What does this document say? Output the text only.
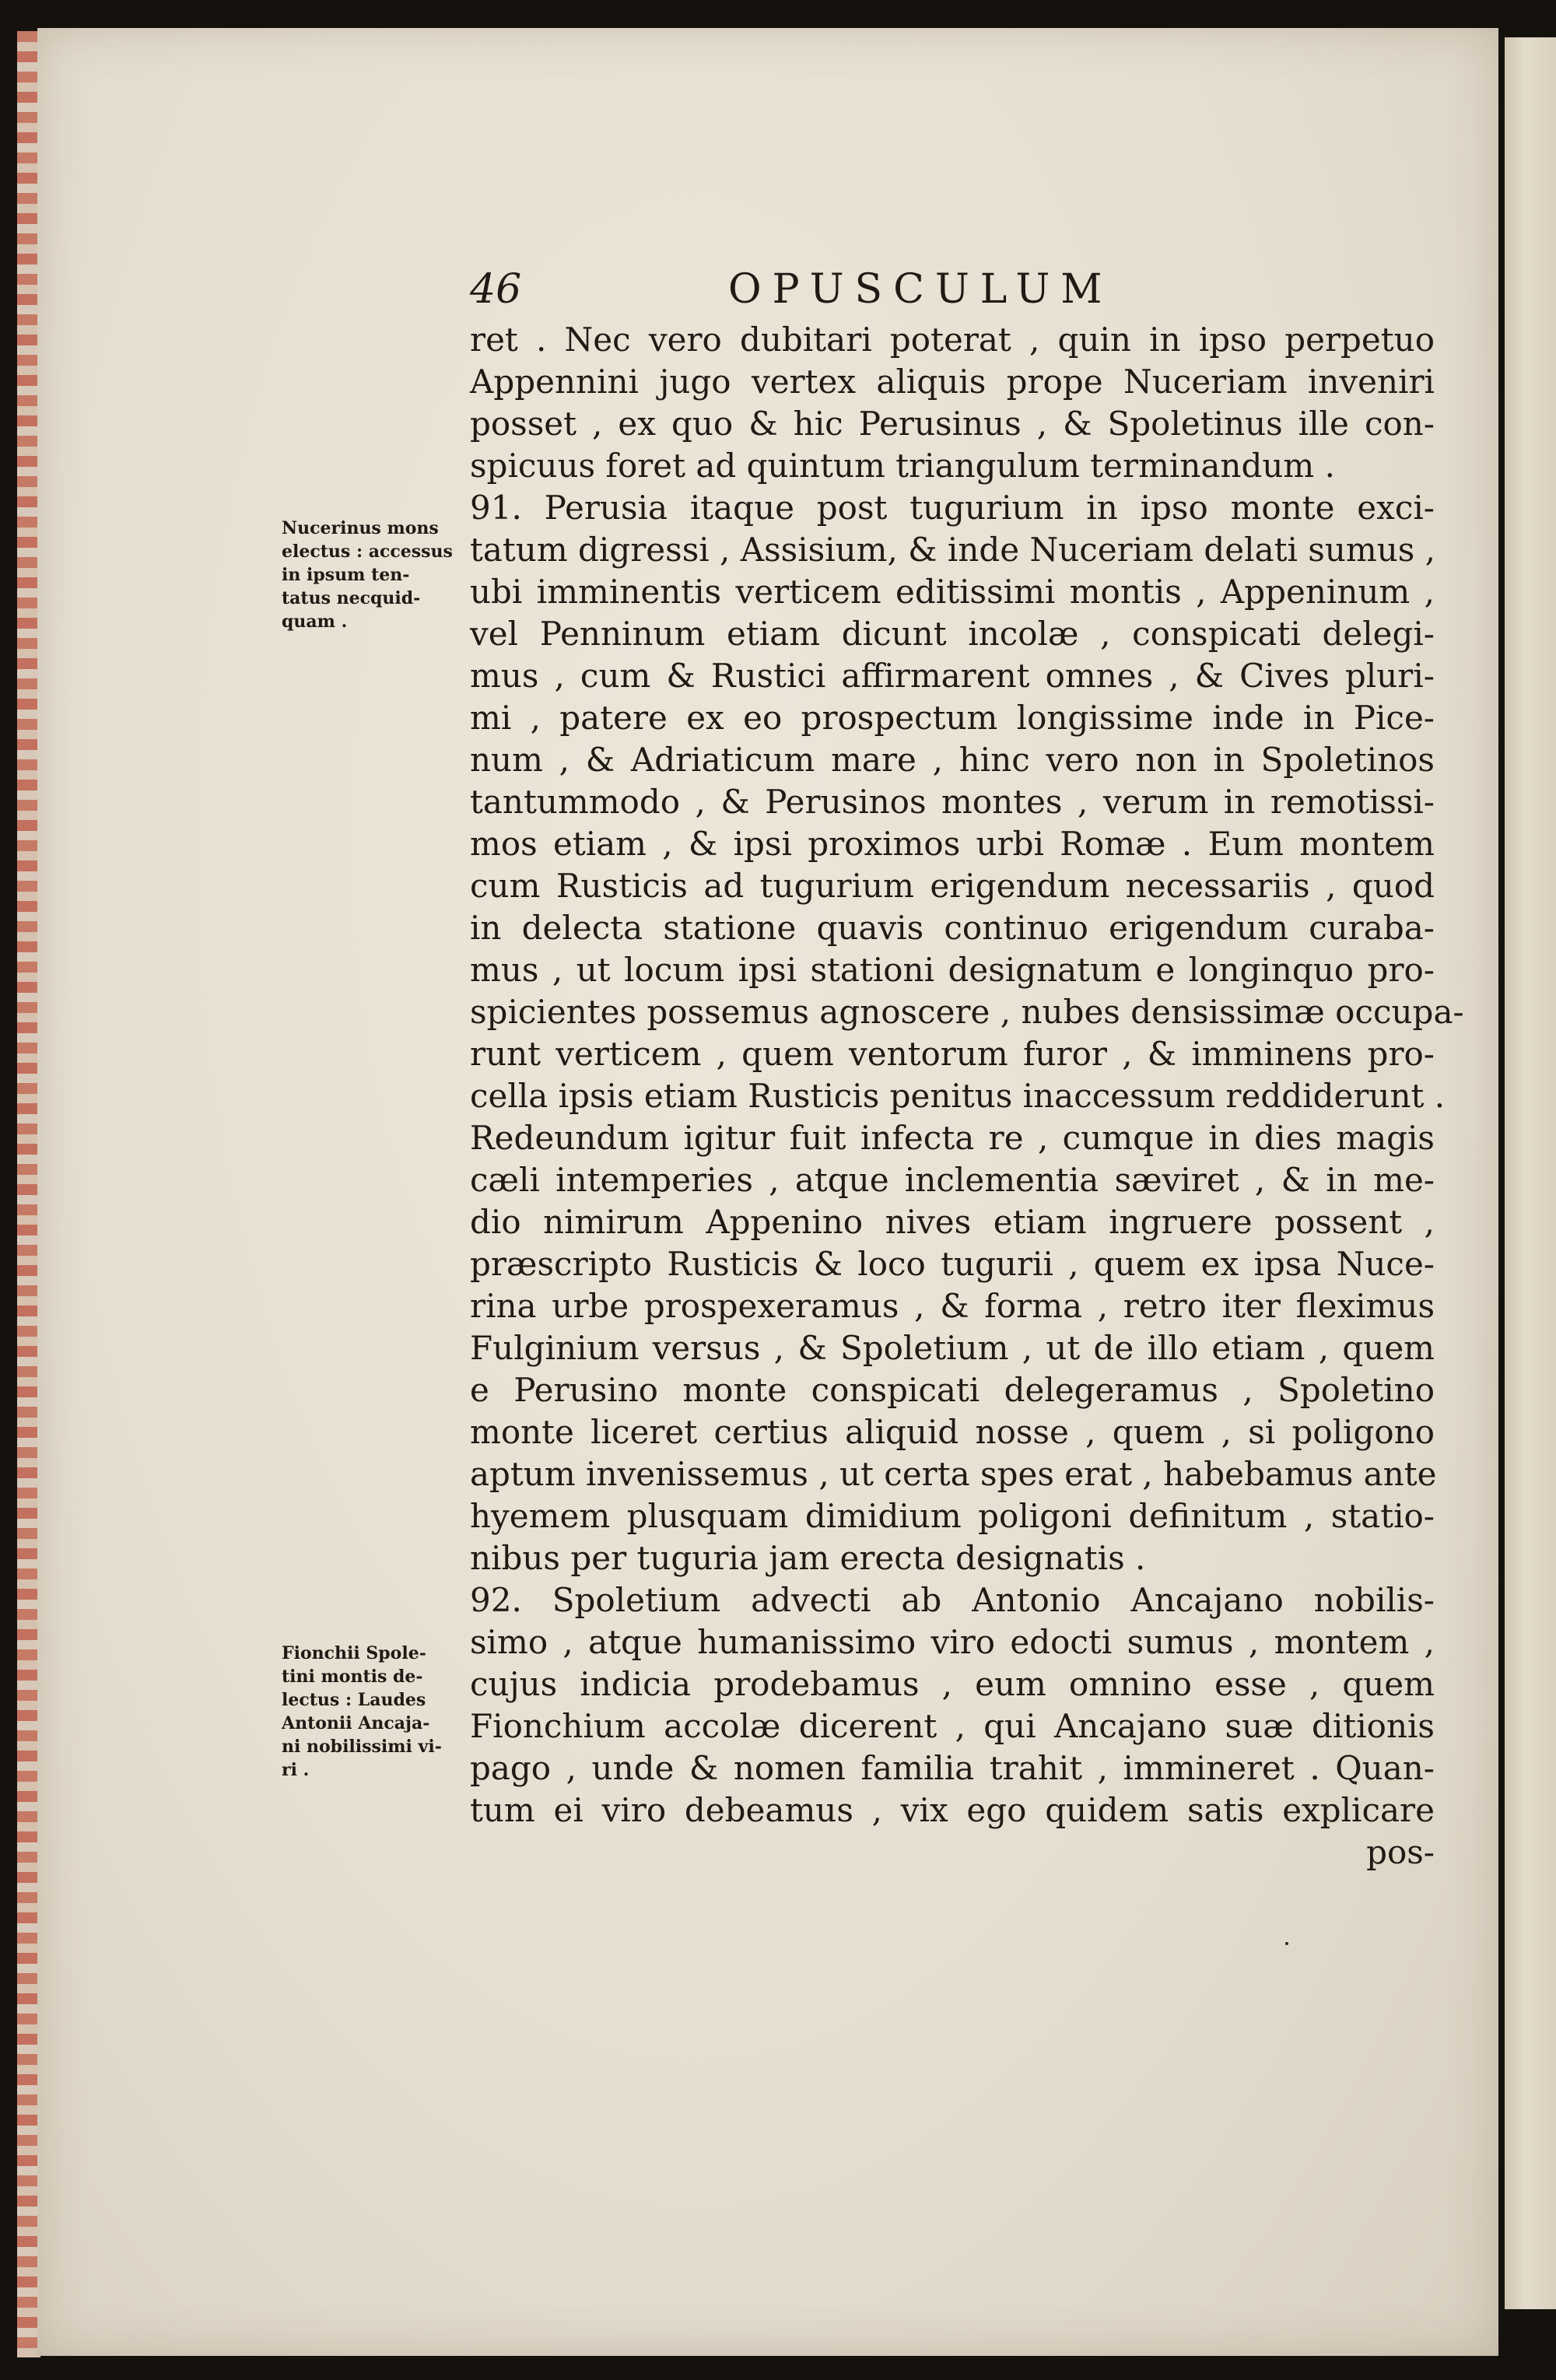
46	OPUSCULUM
Nucerinus mons
electus : accessus
in ipsum ten-
tatus necquid-
quam .
Fionchii Spole-
tini montis de-
lectus : Laudes
Antonii Ancaja-
ni nobilissimi vi-
ri .
ret . Nec vero dubitari poterat , quin in ipso perpetuo
Appennini jugo vertex aliquis prope Nuceriam inveniri
posset , ex quo & hic Perusinus , & Spoletinus ille con-
spicuus foret ad quintum triangulum terminandum .
91. Perusia itaque post tugurium in ipso monte exci-
tatum digressi , Assisium, & inde Nuceriam delati sumus ,
ubi imminentis verticem editissimi montis , Appeninum ,
vel Penninum etiam dicunt incolæ , conspicati delegi-
mus , cum & Rustici affirmarent omnes , & Cives pluri-
mi , patere ex eo prospectum longissime inde in Pice-
num , & Adriaticum mare , hinc vero non in Spoletinos
tantummodo , & Perusinos montes , verum in remotissi-
mos etiam , & ipsi proximos urbi Romæ . Eum montem
cum Rusticis ad tugurium erigendum necessariis , quod
in delecta statione quavis continuo erigendum curaba-
mus , ut locum ipsi stationi designatum e longinquo pro-
spicientes possemus agnoscere , nubes densissimæ occupa-
runt verticem , quem ventorum furor , & imminens pro-
cella ipsis etiam Rusticis penitus inaccessum reddiderunt .
Redeundum igitur fuit infecta re , cumque in dies magis
cæli intemperies , atque inclementia sæviret , & in me-
dio nimirum Appenino nives etiam ingruere possent ,
præscripto Rusticis & loco tugurii , quem ex ipsa Nuce-
rina urbe prospexeramus , & forma , retro iter fleximus
Fulginium versus , & Spoletium , ut de illo etiam , quem
e Perusino monte conspicati delegeramus , Spoletino
monte liceret certius aliquid nosse , quem , si poligono
aptum invenissemus , ut certa spes erat , habebamus ante
hyemem plusquam dimidium poligoni definitum , statio-
nibus per tuguria jam erecta designatis .
92. Spoletium advecti ab Antonio Ancajano nobilis-
simo , atque humanissimo viro edocti sumus , montem ,
cujus indicia prodebamus , eum omnino esse , quem
Fionchium accolæ dicerent , qui Ancajano suæ ditionis
pago , unde & nomen familia trahit , immineret . Quan-
tum ei viro debeamus , vix ego quidem satis explicare
pos-
